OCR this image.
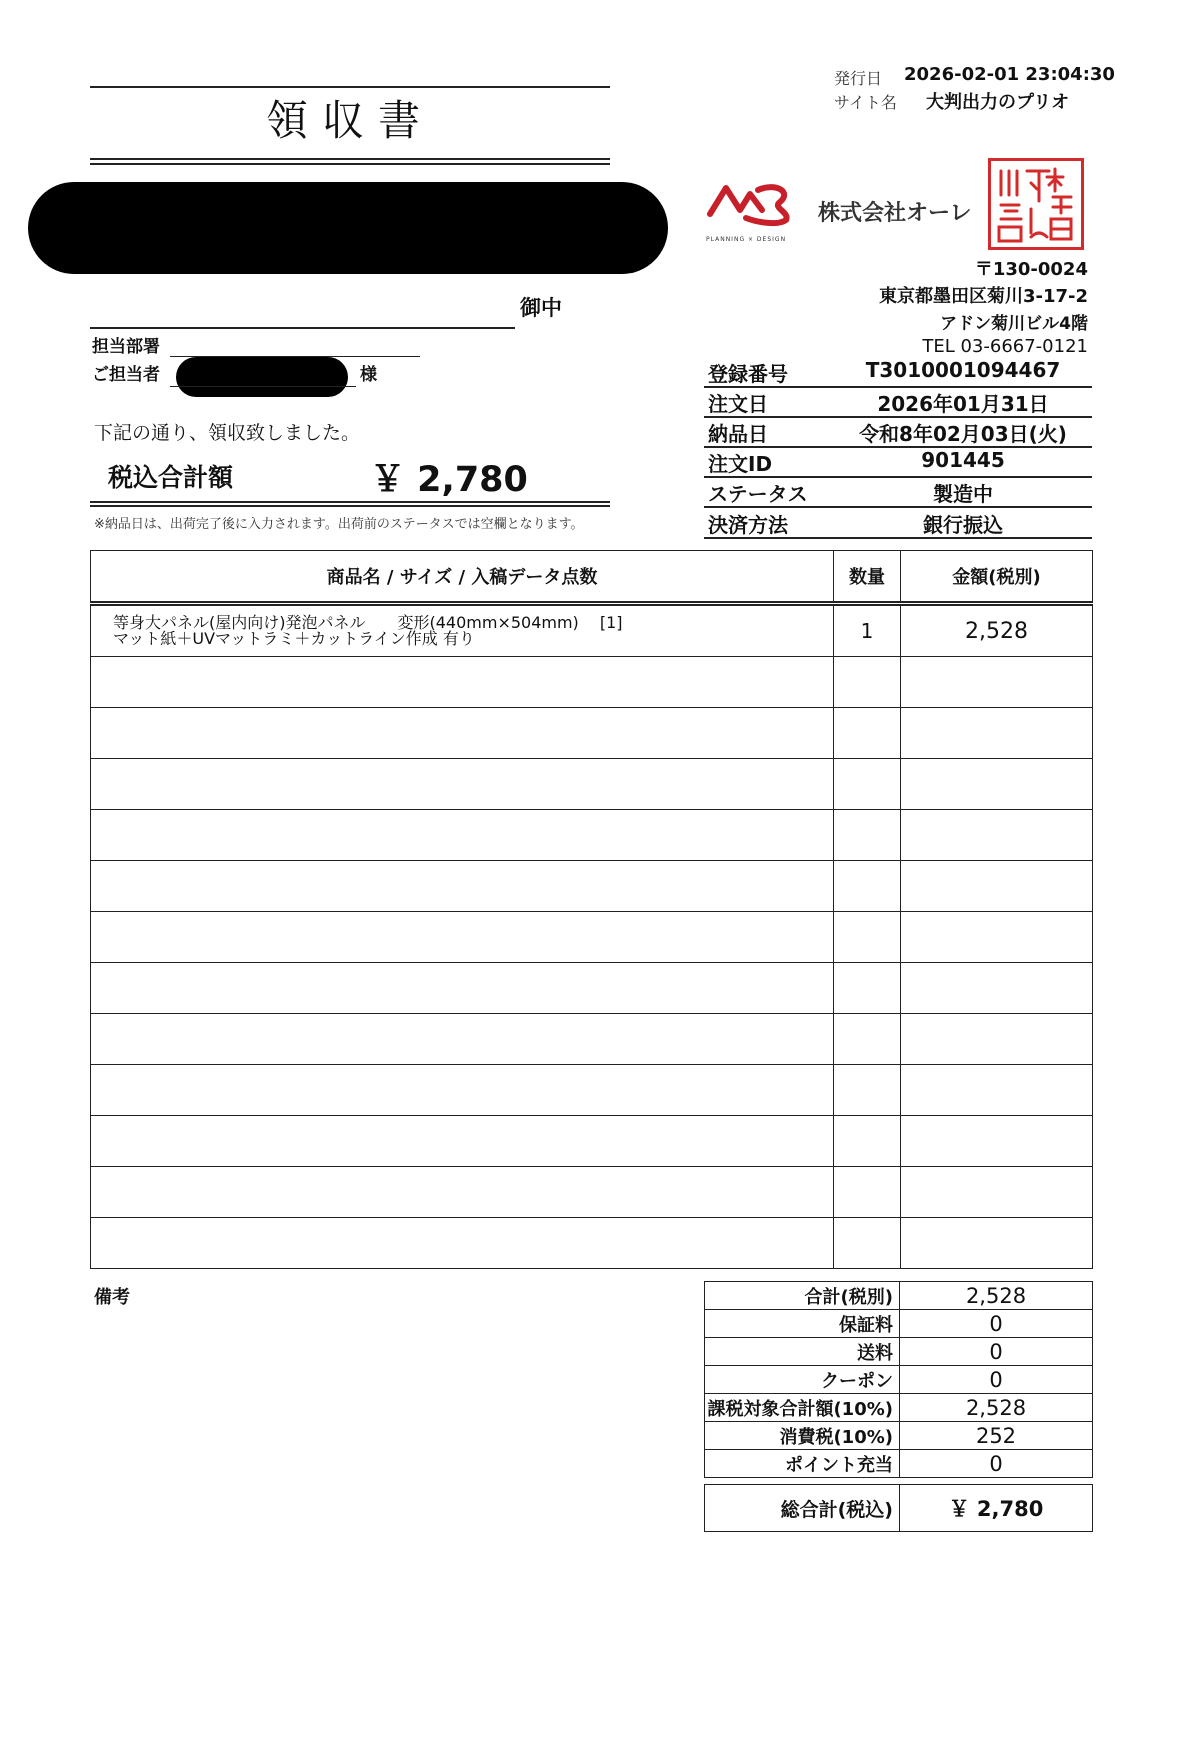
発行日 2026-02-01 23:04:30
サイト名 大判出力のプリオ
領収書
御中
担当部署
ご担当者	様
下記の通り、領収致しました。
税込合計額	￥ 2,780
※納品日は、出荷完了後に入力されます。出荷前のステータスでは空欄となります。
PLANNING × DESIGN
株式会社オーレ
〒130-0024
東京都墨田区菊川3-17-2
アドン菊川ビル4階
TEL 03-6667-0121
登録番号	T3010001094467
注文日	2026年01月31日
納品日	令和8年02月03日(火)
注文ID	901445
ステータス	製造中
決済方法	銀行振込
商品名 / サイズ / 入稿データ点数	数量	金額(税別)

等身大パネル(屋内向け)発泡パネル　　変形(440mm×504mm)　 [1]
マット紙＋UVマットラミ＋カットライン作成 有り	1	2,528

備考	合計(税別)	2,528
保証料	0
送料	0
クーポン	0
課税対象合計額(10%)	2,528
消費税(10%)	252
ポイント充当	0
総合計(税込)	￥ 2,780
